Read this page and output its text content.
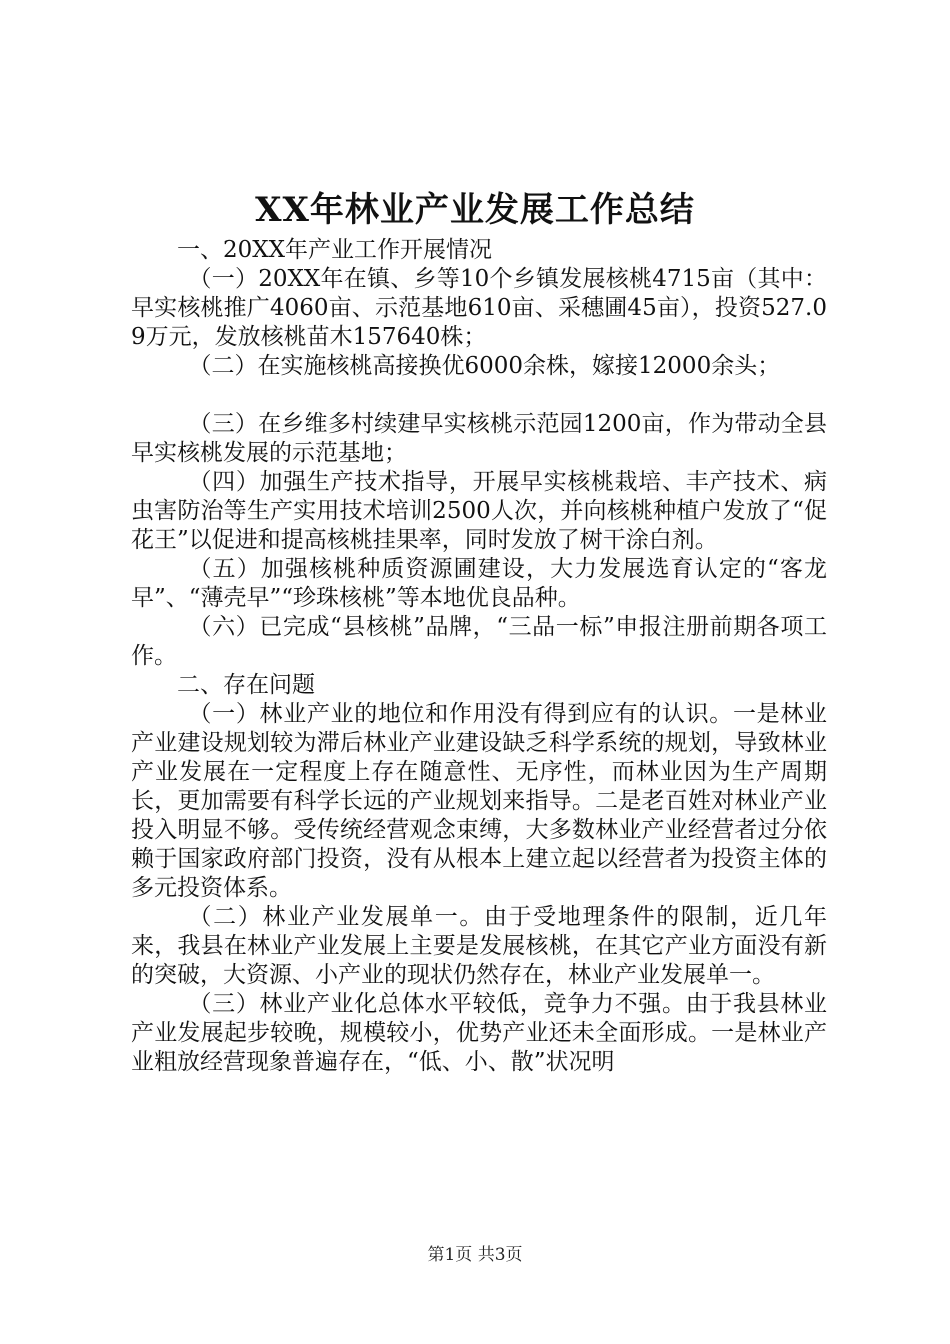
XX年林业产业发展工作总结

一、20XX年产业工作开展情况

（一）20XX年在镇、乡等10个乡镇发展核桃4715亩（其中：早实核桃推广4060亩、示范基地610亩、采穗圃45亩），投资527.09万元，发放核桃苗木157640株；

（二）在实施核桃高接换优6000余株，嫁接12000余头；

（三）在乡维多村续建早实核桃示范园1200亩，作为带动全县早实核桃发展的示范基地；

（四）加强生产技术指导，开展早实核桃栽培、丰产技术、病虫害防治等生产实用技术培训2500人次，并向核桃种植户发放了“促花王”以促进和提高核桃挂果率，同时发放了树干涂白剂。

（五）加强核桃种质资源圃建设，大力发展选育认定的“客龙早”、“薄壳早”“珍珠核桃”等本地优良品种。

（六）已完成“县核桃”品牌，“三品一标”申报注册前期各项工作。

二、存在问题

（一）林业产业的地位和作用没有得到应有的认识。一是林业产业建设规划较为滞后林业产业建设缺乏科学系统的规划，导致林业产业发展在一定程度上存在随意性、无序性，而林业因为生产周期长，更加需要有科学长远的产业规划来指导。二是老百姓对林业产业投入明显不够。受传统经营观念束缚，大多数林业产业经营者过分依赖于国家政府部门投资，没有从根本上建立起以经营者为投资主体的多元投资体系。

（二）林业产业发展单一。由于受地理条件的限制，近几年来，我县在林业产业发展上主要是发展核桃，在其它产业方面没有新的突破，大资源、小产业的现状仍然存在，林业产业发展单一。

（三）林业产业化总体水平较低，竞争力不强。由于我县林业产业发展起步较晚，规模较小，优势产业还未全面形成。一是林业产业粗放经营现象普遍存在，“低、小、散”状况明

第1页 共3页
